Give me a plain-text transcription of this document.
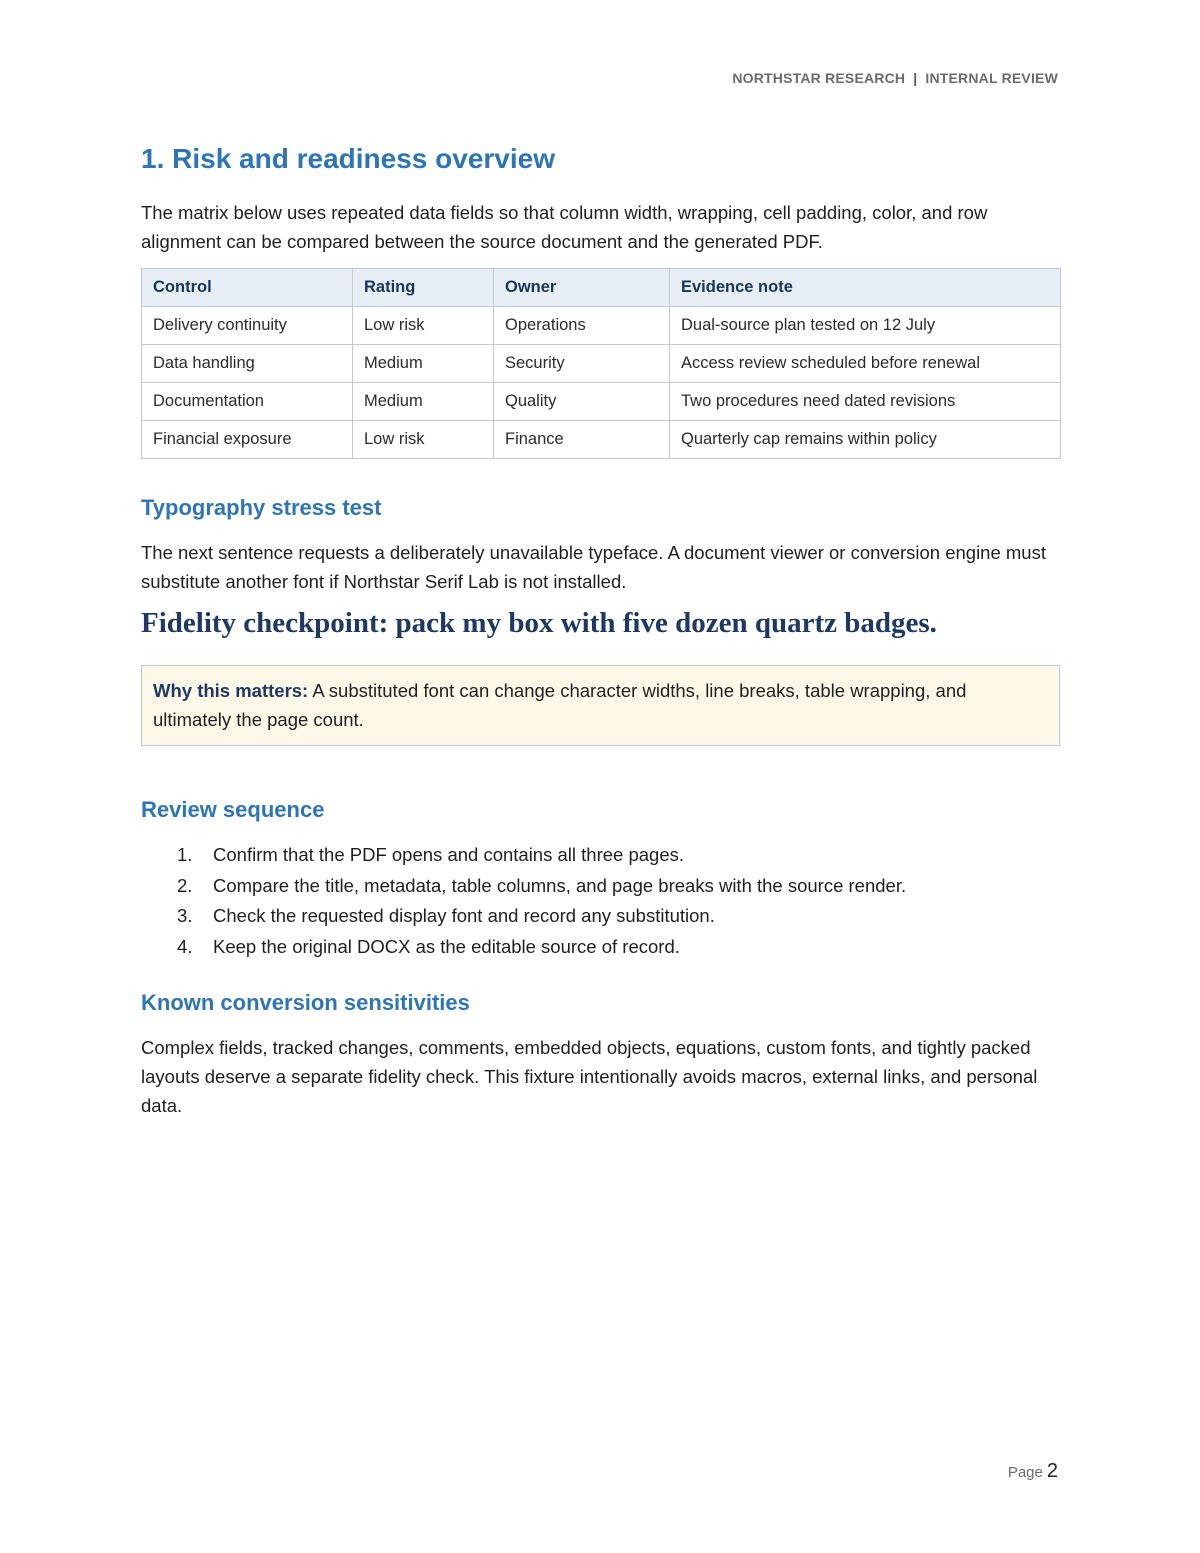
NORTHSTAR RESEARCH | INTERNAL REVIEW
1. Risk and readiness overview

The matrix below uses repeated data fields so that column width, wrapping, cell padding, color, and row alignment can be compared between the source document and the generated PDF.

Control	Rating	Owner	Evidence note
Delivery continuity	Low risk	Operations	Dual-source plan tested on 12 July
Data handling	Medium	Security	Access review scheduled before renewal
Documentation	Medium	Quality	Two procedures need dated revisions
Financial exposure	Low risk	Finance	Quarterly cap remains within policy
Typography stress test

The next sentence requests a deliberately unavailable typeface. A document viewer or conversion engine must substitute another font if Northstar Serif Lab is not installed.

Fidelity checkpoint: pack my box with five dozen quartz badges.

Why this matters: A substituted font can change character widths, line breaks, table wrapping, and ultimately the page count.
Review sequence
1. Confirm that the PDF opens and contains all three pages.
2. Compare the title, metadata, table columns, and page breaks with the source render.
3. Check the requested display font and record any substitution.
4. Keep the original DOCX as the editable source of record.
Known conversion sensitivities

Complex fields, tracked changes, comments, embedded objects, equations, custom fonts, and tightly packed layouts deserve a separate fidelity check. This fixture intentionally avoids macros, external links, and personal data.

Page 2
